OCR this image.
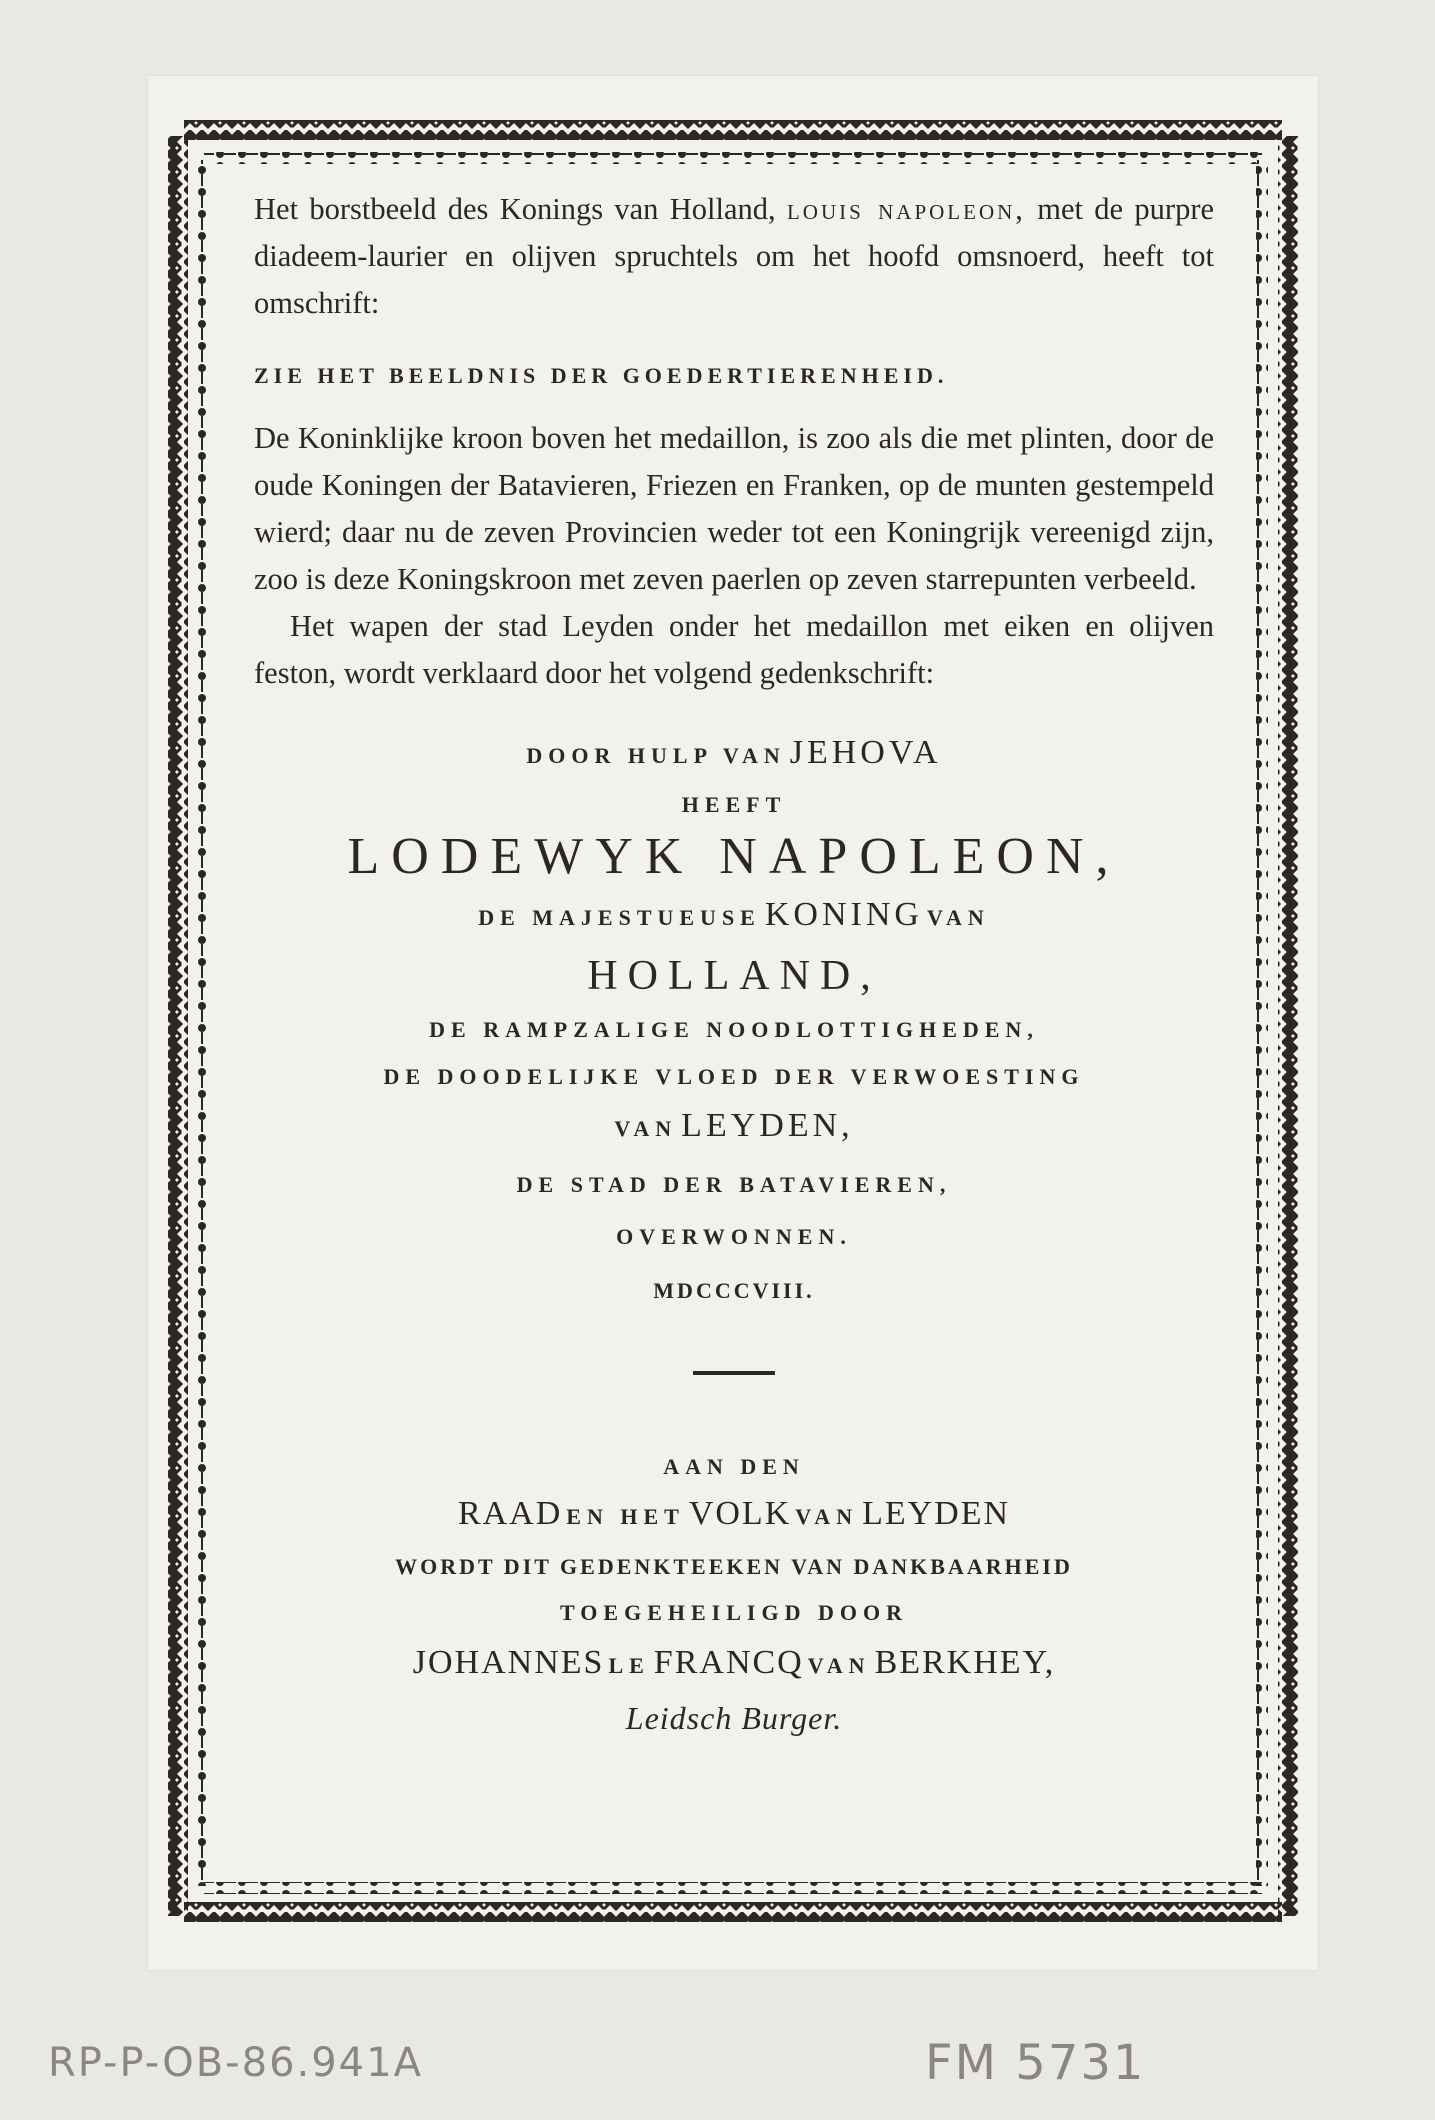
Het borstbeeld des Konings van Holland, louis napoleon, met de purpre diadeem-laurier en olijven spruchtels om het hoofd omsnoerd, heeft tot omschrift:

ZIE HET BEELDNIS DER GOEDERTIERENHEID.

De Koninklijke kroon boven het medaillon, is zoo als die met plinten, door de oude Koningen der Batavieren, Friezen en Franken, op de munten gestempeld wierd; daar nu de zeven Provincien weder tot een Koningrijk vereenigd zijn, zoo is deze Koningskroon met zeven paerlen op zeven starrepunten verbeeld.

Het wapen der stad Leyden onder het medaillon met eiken en olijven feston, wordt verklaard door het volgend gedenkschrift:

DOOR HULP VAN JEHOVA
HEEFT
LODEWYK NAPOLEON,
DE MAJESTUEUSE KONING VAN
HOLLAND,
DE RAMPZALIGE NOODLOTTIGHEDEN,
DE DOODELIJKE VLOED DER VERWOESTING
VAN LEYDEN,
DE STAD DER BATAVIEREN,
OVERWONNEN.
MDCCCVIII.
AAN DEN
RAAD EN HET VOLK VAN LEYDEN
WORDT DIT GEDENKTEEKEN VAN DANKBAARHEID
TOEGEHEILIGD DOOR
JOHANNES LE FRANCQ VAN BERKHEY,
Leidsch Burger.
RP-P-OB-86.941A	FM 5731
